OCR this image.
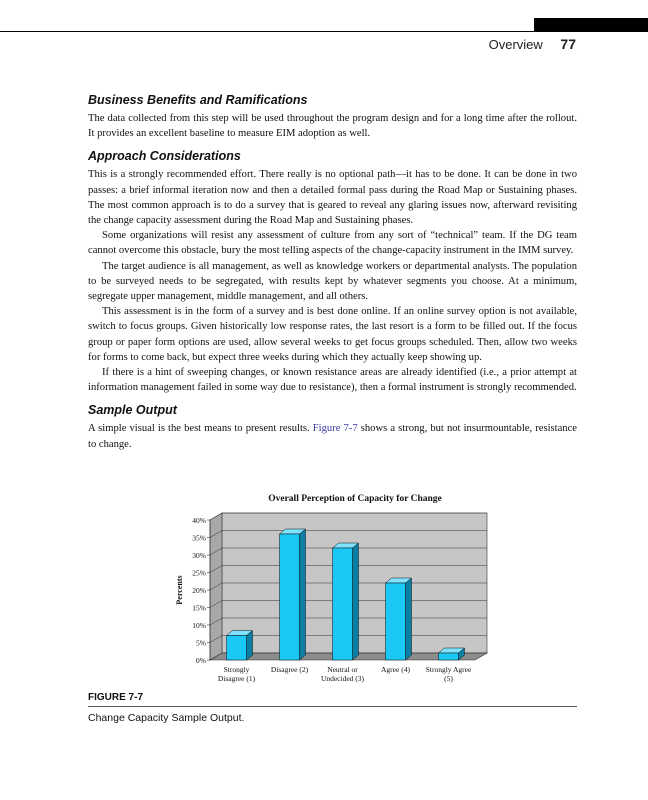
Overview 77
Business Benefits and Ramifications

The data collected from this step will be used throughout the program design and for a long time after the rollout. It provides an excellent baseline to measure EIM adoption as well.

Approach Considerations

This is a strongly recommended effort. There really is no optional path—it has to be done. It can be done in two passes: a brief informal iteration now and then a detailed formal pass during the Road Map or Sustaining phases. The most common approach is to do a survey that is geared to reveal any glaring issues now, afterward revisiting the change capacity assessment during the Road Map and Sustaining phases.

Some organizations will resist any assessment of culture from any sort of “technical” team. If the DG team cannot overcome this obstacle, bury the most telling aspects of the change-capacity instrument in the IMM survey.

The target audience is all management, as well as knowledge workers or departmental analysts. The population to be surveyed needs to be segregated, with results kept by whatever segments you choose. At a minimum, segregate upper management, middle management, and all others.

This assessment is in the form of a survey and is best done online. If an online survey option is not available, switch to focus groups. Given historically low response rates, the last resort is a form to be filled out. If the focus group or paper form options are used, allow several weeks to get focus groups scheduled. Then, allow two weeks for forms to come back, but expect three weeks during which they actually keep showing up.

If there is a hint of sweeping changes, or known resistance areas are already identified (i.e., a prior attempt at information management failed in some way due to resistance), then a formal instrument is strongly recommended.

Sample Output

A simple visual is the best means to present results. Figure 7-7 shows a strong, but not insurmountable, resistance to change.

Overall Perception of Capacity for Change
0%
5%
10%
15%
20%
25%
30%
35%
40%
Percents
Strongly
Disagree (1)
Disagree (2)	Neutral or
Undecided (3)
Agree (4) Strongly Agree
(5)
FIGURE 7-7
Change Capacity Sample Output.
